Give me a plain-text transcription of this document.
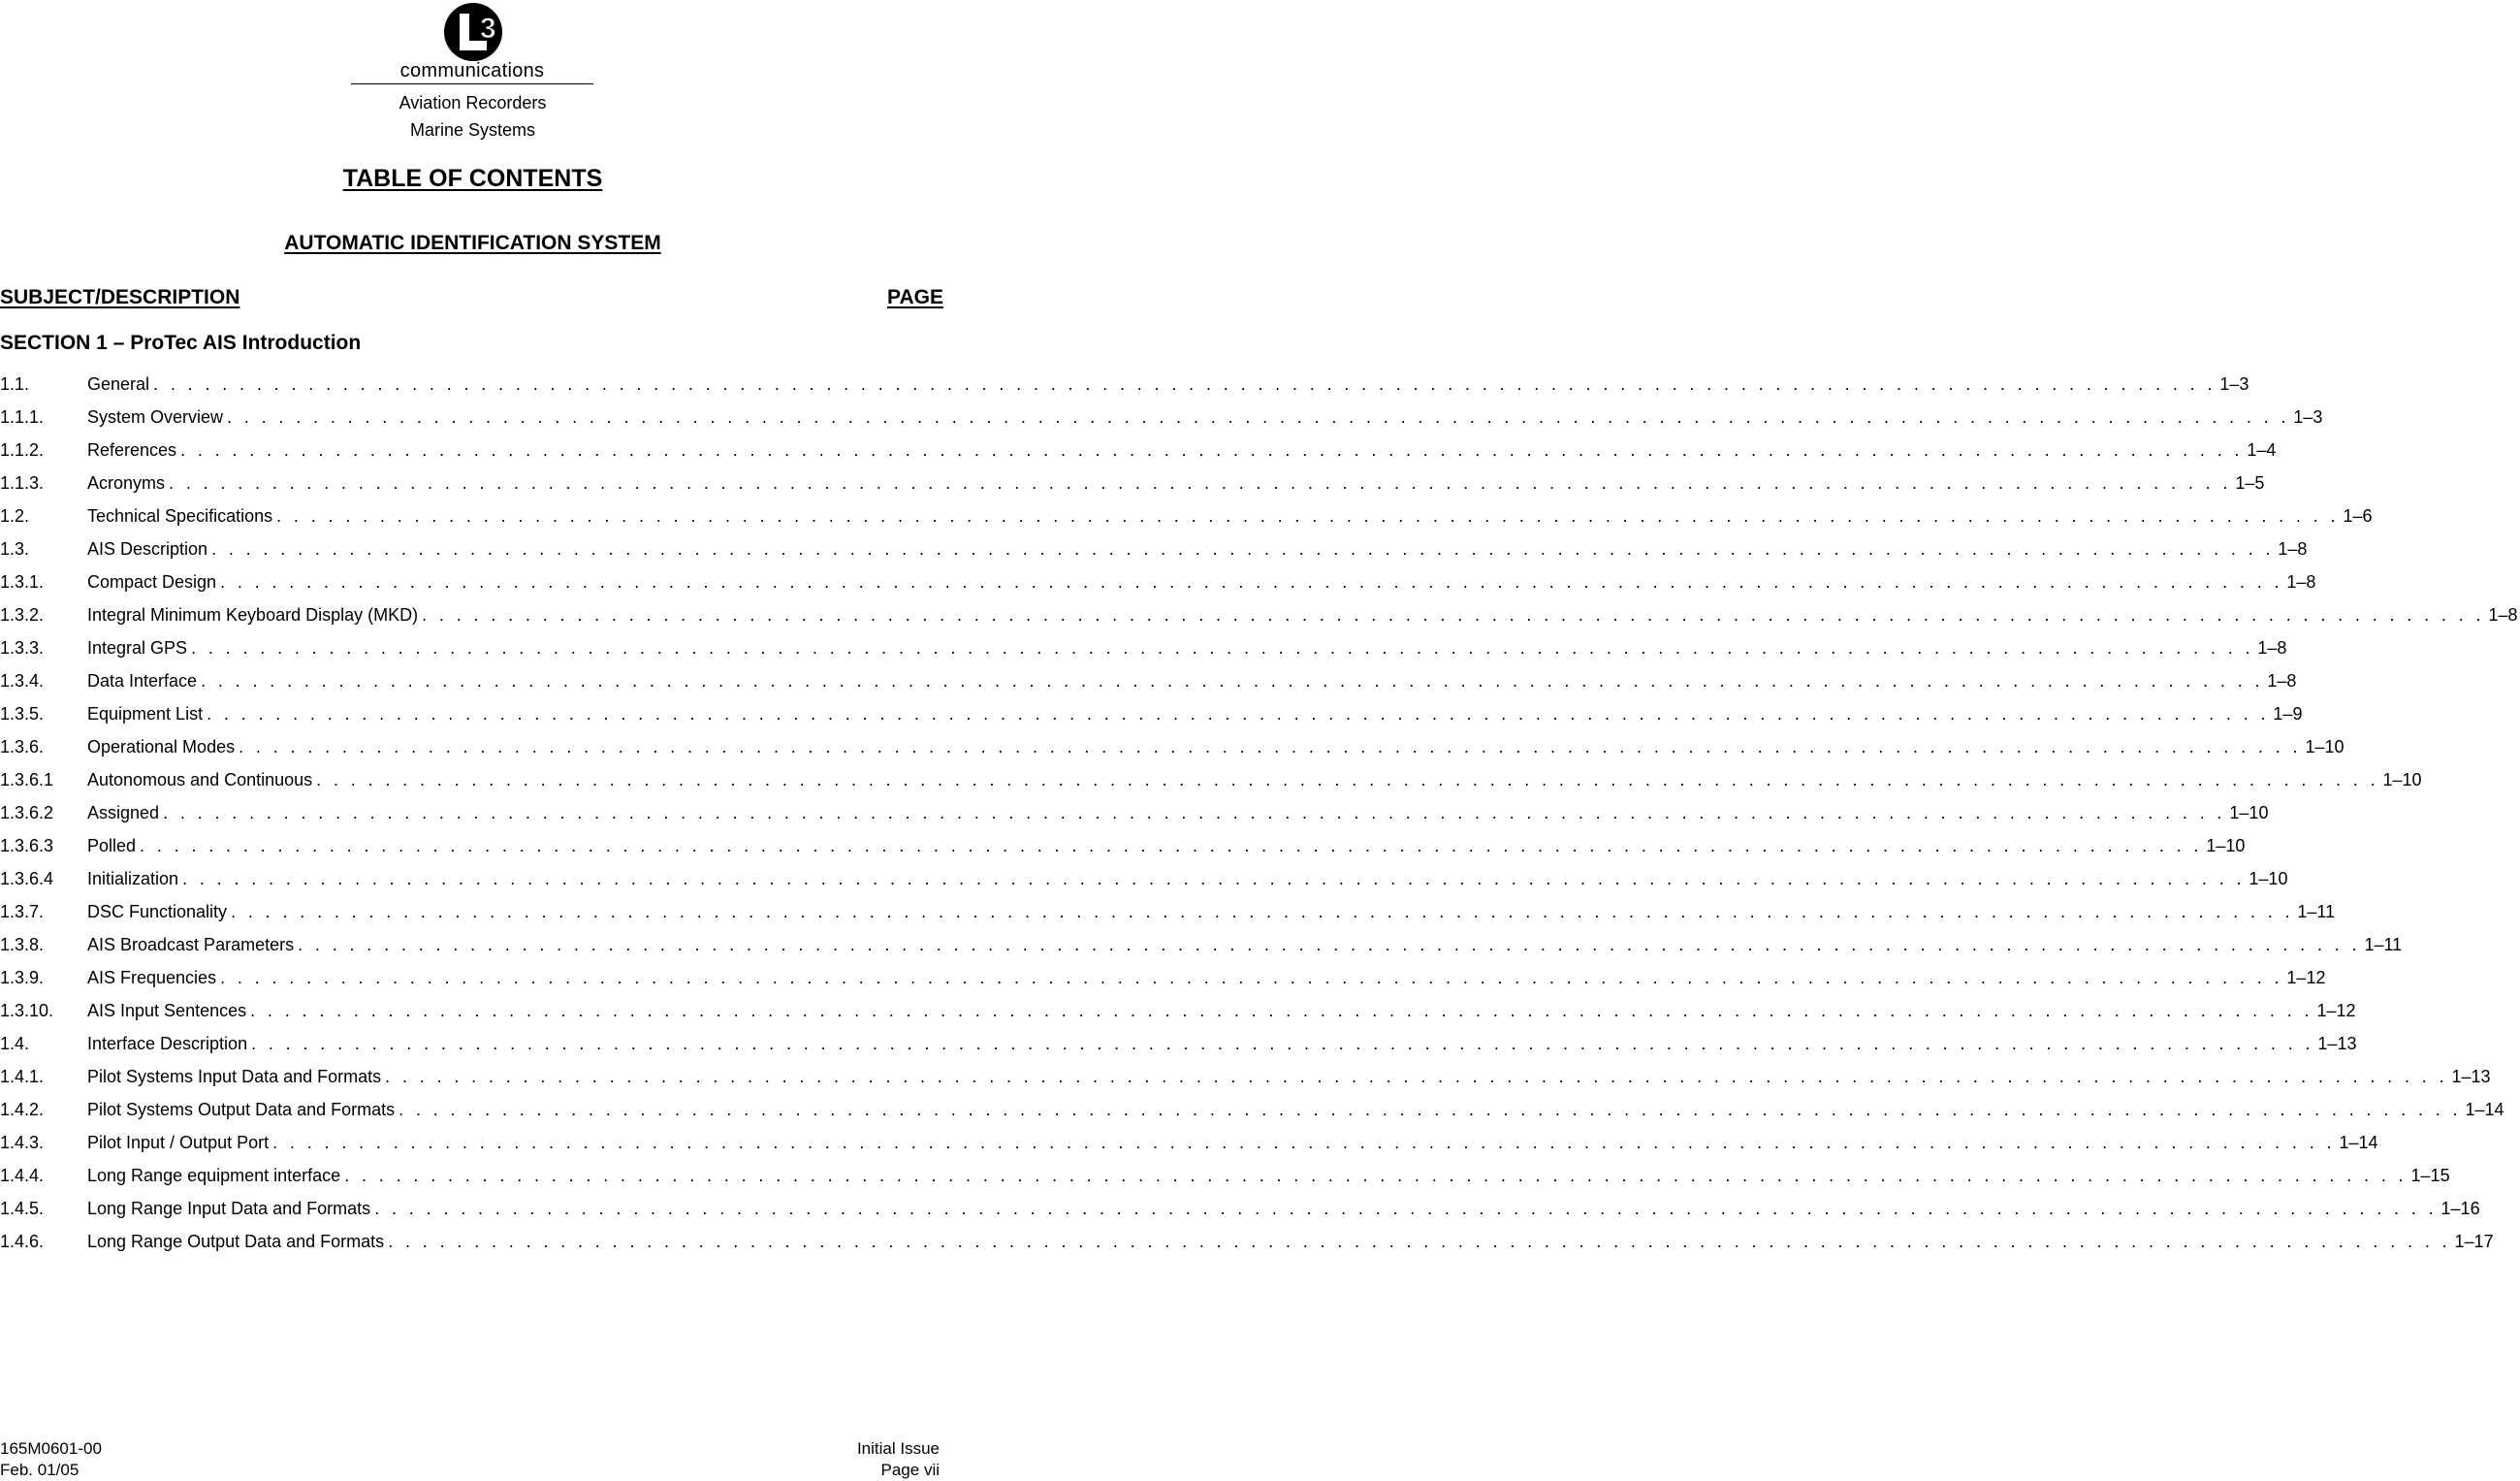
3
communications
Aviation Recorders
Marine Systems
TABLE OF CONTENTS
AUTOMATIC IDENTIFICATION SYSTEM
SUBJECT/DESCRIPTION	PAGE
SECTION 1 – ProTec AIS Introduction
1.1.	General . . . . . . . . . . . . . . . . . . . . . . . . . . . . . . . . . . . . . . . . . . . . . . . . . . . . . . . . . . . . . . . . . . . . . . . . . . . . . . . . . . . . . . . . . . . . . . . . . . . . . . . . . . . . . . . . . . . . . . . . 1–3
1.1.1. System Overview . . . . . . . . . . . . . . . . . . . . . . . . . . . . . . . . . . . . . . . . . . . . . . . . . . . . . . . . . . . . . . . . . . . . . . . . . . . . . . . . . . . . . . . . . . . . . . . . . . . . . . . . . . . . . . . . . . . . . . . . 1–3
1.1.2. References . . . . . . . . . . . . . . . . . . . . . . . . . . . . . . . . . . . . . . . . . . . . . . . . . . . . . . . . . . . . . . . . . . . . . . . . . . . . . . . . . . . . . . . . . . . . . . . . . . . . . . . . . . . . . . . . . . . . . . . . 1–4
1.1.3. Acronyms . . . . . . . . . . . . . . . . . . . . . . . . . . . . . . . . . . . . . . . . . . . . . . . . . . . . . . . . . . . . . . . . . . . . . . . . . . . . . . . . . . . . . . . . . . . . . . . . . . . . . . . . . . . . . . . . . . . . . . . . 1–5
1.2.	Technical Specifications . . . . . . . . . . . . . . . . . . . . . . . . . . . . . . . . . . . . . . . . . . . . . . . . . . . . . . . . . . . . . . . . . . . . . . . . . . . . . . . . . . . . . . . . . . . . . . . . . . . . . . . . . . . . . . . . . . . . . . . . 1–6
1.3.	AIS Description . . . . . . . . . . . . . . . . . . . . . . . . . . . . . . . . . . . . . . . . . . . . . . . . . . . . . . . . . . . . . . . . . . . . . . . . . . . . . . . . . . . . . . . . . . . . . . . . . . . . . . . . . . . . . . . . . . . . . . . . 1–8
1.3.1. Compact Design . . . . . . . . . . . . . . . . . . . . . . . . . . . . . . . . . . . . . . . . . . . . . . . . . . . . . . . . . . . . . . . . . . . . . . . . . . . . . . . . . . . . . . . . . . . . . . . . . . . . . . . . . . . . . . . . . . . . . . . . 1–8
1.3.2. Integral Minimum Keyboard Display (MKD) . . . . . . . . . . . . . . . . . . . . . . . . . . . . . . . . . . . . . . . . . . . . . . . . . . . . . . . . . . . . . . . . . . . . . . . . . . . . . . . . . . . . . . . . . . . . . . . . . . . . . . . . . . . . . . . . . . . . . . . . 1–8
1.3.3. Integral GPS . . . . . . . . . . . . . . . . . . . . . . . . . . . . . . . . . . . . . . . . . . . . . . . . . . . . . . . . . . . . . . . . . . . . . . . . . . . . . . . . . . . . . . . . . . . . . . . . . . . . . . . . . . . . . . . . . . . . . . . . 1–8
1.3.4. Data Interface . . . . . . . . . . . . . . . . . . . . . . . . . . . . . . . . . . . . . . . . . . . . . . . . . . . . . . . . . . . . . . . . . . . . . . . . . . . . . . . . . . . . . . . . . . . . . . . . . . . . . . . . . . . . . . . . . . . . . . . . 1–8
1.3.5. Equipment List . . . . . . . . . . . . . . . . . . . . . . . . . . . . . . . . . . . . . . . . . . . . . . . . . . . . . . . . . . . . . . . . . . . . . . . . . . . . . . . . . . . . . . . . . . . . . . . . . . . . . . . . . . . . . . . . . . . . . . . . 1–9
1.3.6. Operational Modes . . . . . . . . . . . . . . . . . . . . . . . . . . . . . . . . . . . . . . . . . . . . . . . . . . . . . . . . . . . . . . . . . . . . . . . . . . . . . . . . . . . . . . . . . . . . . . . . . . . . . . . . . . . . . . . . . . . . . . . . 1–10
1.3.6.1 Autonomous and Continuous . . . . . . . . . . . . . . . . . . . . . . . . . . . . . . . . . . . . . . . . . . . . . . . . . . . . . . . . . . . . . . . . . . . . . . . . . . . . . . . . . . . . . . . . . . . . . . . . . . . . . . . . . . . . . . . . . . . . . . . . 1–10
1.3.6.2 Assigned . . . . . . . . . . . . . . . . . . . . . . . . . . . . . . . . . . . . . . . . . . . . . . . . . . . . . . . . . . . . . . . . . . . . . . . . . . . . . . . . . . . . . . . . . . . . . . . . . . . . . . . . . . . . . . . . . . . . . . . . 1–10
1.3.6.3 Polled . . . . . . . . . . . . . . . . . . . . . . . . . . . . . . . . . . . . . . . . . . . . . . . . . . . . . . . . . . . . . . . . . . . . . . . . . . . . . . . . . . . . . . . . . . . . . . . . . . . . . . . . . . . . . . . . . . . . . . . . 1–10
1.3.6.4 Initialization . . . . . . . . . . . . . . . . . . . . . . . . . . . . . . . . . . . . . . . . . . . . . . . . . . . . . . . . . . . . . . . . . . . . . . . . . . . . . . . . . . . . . . . . . . . . . . . . . . . . . . . . . . . . . . . . . . . . . . . . 1–10
1.3.7. DSC Functionality . . . . . . . . . . . . . . . . . . . . . . . . . . . . . . . . . . . . . . . . . . . . . . . . . . . . . . . . . . . . . . . . . . . . . . . . . . . . . . . . . . . . . . . . . . . . . . . . . . . . . . . . . . . . . . . . . . . . . . . . 1–11
1.3.8. AIS Broadcast Parameters . . . . . . . . . . . . . . . . . . . . . . . . . . . . . . . . . . . . . . . . . . . . . . . . . . . . . . . . . . . . . . . . . . . . . . . . . . . . . . . . . . . . . . . . . . . . . . . . . . . . . . . . . . . . . . . . . . . . . . . . 1–11
1.3.9. AIS Frequencies . . . . . . . . . . . . . . . . . . . . . . . . . . . . . . . . . . . . . . . . . . . . . . . . . . . . . . . . . . . . . . . . . . . . . . . . . . . . . . . . . . . . . . . . . . . . . . . . . . . . . . . . . . . . . . . . . . . . . . . . 1–12
1.3.10. AIS Input Sentences . . . . . . . . . . . . . . . . . . . . . . . . . . . . . . . . . . . . . . . . . . . . . . . . . . . . . . . . . . . . . . . . . . . . . . . . . . . . . . . . . . . . . . . . . . . . . . . . . . . . . . . . . . . . . . . . . . . . . . . . 1–12
1.4.	Interface Description . . . . . . . . . . . . . . . . . . . . . . . . . . . . . . . . . . . . . . . . . . . . . . . . . . . . . . . . . . . . . . . . . . . . . . . . . . . . . . . . . . . . . . . . . . . . . . . . . . . . . . . . . . . . . . . . . . . . . . . . 1–13
1.4.1. Pilot Systems Input Data and Formats . . . . . . . . . . . . . . . . . . . . . . . . . . . . . . . . . . . . . . . . . . . . . . . . . . . . . . . . . . . . . . . . . . . . . . . . . . . . . . . . . . . . . . . . . . . . . . . . . . . . . . . . . . . . . . . . . . . . . . . . 1–13
1.4.2. Pilot Systems Output Data and Formats . . . . . . . . . . . . . . . . . . . . . . . . . . . . . . . . . . . . . . . . . . . . . . . . . . . . . . . . . . . . . . . . . . . . . . . . . . . . . . . . . . . . . . . . . . . . . . . . . . . . . . . . . . . . . . . . . . . . . . . . 1–14
1.4.3. Pilot Input / Output Port . . . . . . . . . . . . . . . . . . . . . . . . . . . . . . . . . . . . . . . . . . . . . . . . . . . . . . . . . . . . . . . . . . . . . . . . . . . . . . . . . . . . . . . . . . . . . . . . . . . . . . . . . . . . . . . . . . . . . . . . 1–14
1.4.4. Long Range equipment interface . . . . . . . . . . . . . . . . . . . . . . . . . . . . . . . . . . . . . . . . . . . . . . . . . . . . . . . . . . . . . . . . . . . . . . . . . . . . . . . . . . . . . . . . . . . . . . . . . . . . . . . . . . . . . . . . . . . . . . . . 1–15
1.4.5. Long Range Input Data and Formats . . . . . . . . . . . . . . . . . . . . . . . . . . . . . . . . . . . . . . . . . . . . . . . . . . . . . . . . . . . . . . . . . . . . . . . . . . . . . . . . . . . . . . . . . . . . . . . . . . . . . . . . . . . . . . . . . . . . . . . . 1–16
1.4.6. Long Range Output Data and Formats . . . . . . . . . . . . . . . . . . . . . . . . . . . . . . . . . . . . . . . . . . . . . . . . . . . . . . . . . . . . . . . . . . . . . . . . . . . . . . . . . . . . . . . . . . . . . . . . . . . . . . . . . . . . . . . . . . . . . . . . 1–17
165M0601-00
Feb. 01/05
Initial Issue
Page vii
